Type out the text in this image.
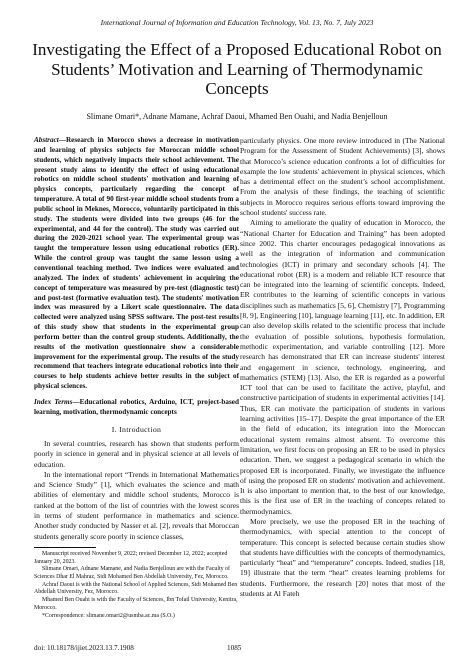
International Journal of Information and Education Technology, Vol. 13, No. 7, July 2023
Investigating the Effect of a Proposed Educational Robot on Students’ Motivation and Learning of Thermodynamic Concepts
Slimane Omari*, Adnane Mamane, Achraf Daoui, Mhamed Ben Ouahi, and Nadia Benjelloun

Abstract—Research in Morocco shows a decrease in motivation and learning of physics subjects for Moroccan middle school students, which negatively impacts their school achievement. The present study aims to identify the effect of using educational robotics on middle school students' motivation and learning of physics concepts, particularly regarding the concept of temperature. A total of 90 first-year middle school students from a public school in Meknes, Morocco, voluntarily participated in this study. The students were divided into two groups (46 for the experimental, and 44 for the control). The study was carried out during the 2020-2021 school year. The experimental group was taught the temperature lesson using educational robotics (ER). While the control group was taught the same lesson using a conventional teaching method. Two indices were evaluated and analyzed. The index of students' achievement in acquiring the concept of temperature was measured by pre-test (diagnostic test) and post-test (formative evaluation test). The students' motivation index was measured by a Likert scale questionnaire. The data collected were analyzed using SPSS software. The post-test results of this study show that students in the experimental group perform better than the control group students. Additionally, the results of the motivation questionnaire show a considerable improvement for the experimental group. The results of the study recommend that teachers integrate educational robotics into their courses to help students achieve better results in the subject of physical sciences.

Index Terms—Educational robotics, Arduino, ICT, project-based learning, motivation, thermodynamic concepts

I. Introduction

In several countries, research has shown that students perform poorly in science in general and in physical science at all levels of education.

In the international report “Trends in International Mathematics and Science Study” [1], which evaluates the science and math abilities of elementary and middle school students, Morocco is ranked at the bottom of the list of countries with the lowest scores in terms of student performance in mathematics and science. Another study conducted by Nasser et al. [2], reveals that Moroccan students generally score poorly in science classes,

Manuscript received November 9, 2022; revised December 12, 2022; accepted January 20, 2023.

Slimane Omari, Adnane Mamane, and Nadia Benjelloun are with the Faculty of Sciences Dhar El Mahraz, Sidi Mohamed Ben Abdellah University, Fez, Morocco.

Achraf Daoui is with the National School of Applied Sciences, Sidi Mohamed Ben Abdellah University, Fez, Morocco.

Mhamed Ben Ouahi is with the Faculty of Sciences, Ibn Tofail University, Kenitra, Morocco.

*Correspondence: slimane.omari2@usmba.ac.ma (S.O.)

particularly physics. One more review introduced in (The National Program for the Assessment of Student Achievements) [3], shows that Morocco’s science education confronts a lot of difficulties for example the low students' achievement in physical sciences, which has a detrimental effect on the student’s school accomplishment. From the analysis of these findings, the teaching of scientific subjects in Morocco requires serious efforts toward improving the school students' success rate.

Aiming to ameliorate the quality of education in Morocco, the “National Charter for Education and Training” has been adopted since 2002. This charter encourages pedagogical innovations as well as the integration of information and communication technologies (ICT) in primary and secondary schools [4]. The educational robot (ER) is a modern and reliable ICT resource that can be integrated into the learning of scientific concepts. Indeed, ER contributes to the learning of scientific concepts in various disciplines such as mathematics [5, 6], Chemistry [7], Programming [8, 9], Engineering [10], language learning [11], etc. In addition, ER can also develop skills related to the scientific process that include the evaluation of possible solutions, hypothesis formulation, methodic experimentation, and variable controlling [12]. More research has demonstrated that ER can increase students' interest and engagement in science, technology, engineering, and mathematics (STEM) [13]. Also, the ER is regarded as a powerful ICT tool that can be used to facilitate the active, playful, and constructive participation of students in experimental activities [14]. Thus, ER can motivate the participation of students in various learning activities [15–17]. Despite the great importance of the ER in the field of education, its integration into the Moroccan educational system remains almost absent. To overcome this limitation, we first focus on proposing an ER to be used in physics education. Then, we suggest a pedagogical scenario in which the proposed ER is incorporated. Finally, we investigate the influence of using the proposed ER on students' motivation and achievement. It is also important to mention that, to the best of our knowledge, this is the first use of ER in the teaching of concepts related to thermodynamics.

More precisely, we use the proposed ER in the teaching of thermodynamics, with special attention to the concept of temperature. This concept is selected because certain studies show that students have difficulties with the concepts of thermodynamics, particularly “heat” and “temperature” concepts. Indeed, studies [18, 19] illustrate that the term “heat” creates learning problems for students. Furthermore, the research [20] notes that most of the students at Al Fateh

doi: 10.18178/ijiet.2023.13.7.1908	1085
